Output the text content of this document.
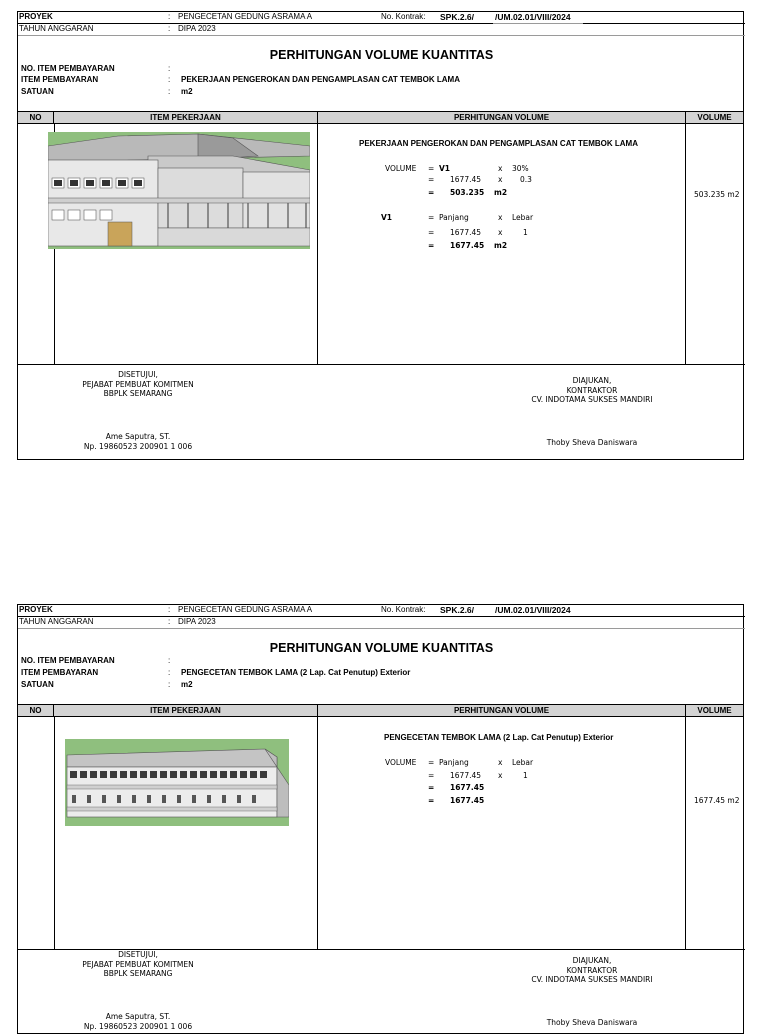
PROYEK	: PENGECETAN GEDUNG ASRAMA A	No. Kontrak: SPK.2.6/ /UM.02.01/VIII/2024
TAHUN ANGGARAN	: DIPA 2023
PERHITUNGAN VOLUME KUANTITAS
NO. ITEM PEMBAYARAN	:
ITEM PEMBAYARAN	: PEKERJAAN PENGEROKAN DAN PENGAMPLASAN CAT TEMBOK LAMA
SATUAN	: m2
NO	ITEM PEKERJAAN	PERHITUNGAN VOLUME	VOLUME
PEKERJAAN PENGEROKAN DAN PENGAMPLASAN CAT TEMBOK LAMA
VOLUME = V1	x 30%
= 1677.45 x 0.3
= 503.235 m2
V1	= Panjang	x Lebar
= 1677.45 x	1
= 1677.45 m2
503.235 m2
DISETUJUI,
PEJABAT PEMBUAT KOMITMEN
BBPLK SEMARANG
Ame Saputra, ST.
Np. 19860523 200901 1 006
DIAJUKAN,
KONTRAKTOR
CV. INDOTAMA SUKSES MANDIRI
Thoby Sheva Daniswara
PROYEK	: PENGECETAN GEDUNG ASRAMA A	No. Kontrak: SPK.2.6/ /UM.02.01/VIII/2024
TAHUN ANGGARAN	: DIPA 2023
PERHITUNGAN VOLUME KUANTITAS
NO. ITEM PEMBAYARAN	:
ITEM PEMBAYARAN	: PENGECETAN TEMBOK LAMA (2 Lap. Cat Penutup) Exterior
SATUAN	: m2
NO	ITEM PEKERJAAN	PERHITUNGAN VOLUME	VOLUME
PENGECETAN TEMBOK LAMA (2 Lap. Cat Penutup) Exterior
VOLUME = Panjang	x Lebar
= 1677.45 x	1
= 1677.45
= 1677.45	1677.45 m2
DISETUJUI,
PEJABAT PEMBUAT KOMITMEN
BBPLK SEMARANG
Ame Saputra, ST.
Np. 19860523 200901 1 006
DIAJUKAN,
KONTRAKTOR
CV. INDOTAMA SUKSES MANDIRI
Thoby Sheva Daniswara
